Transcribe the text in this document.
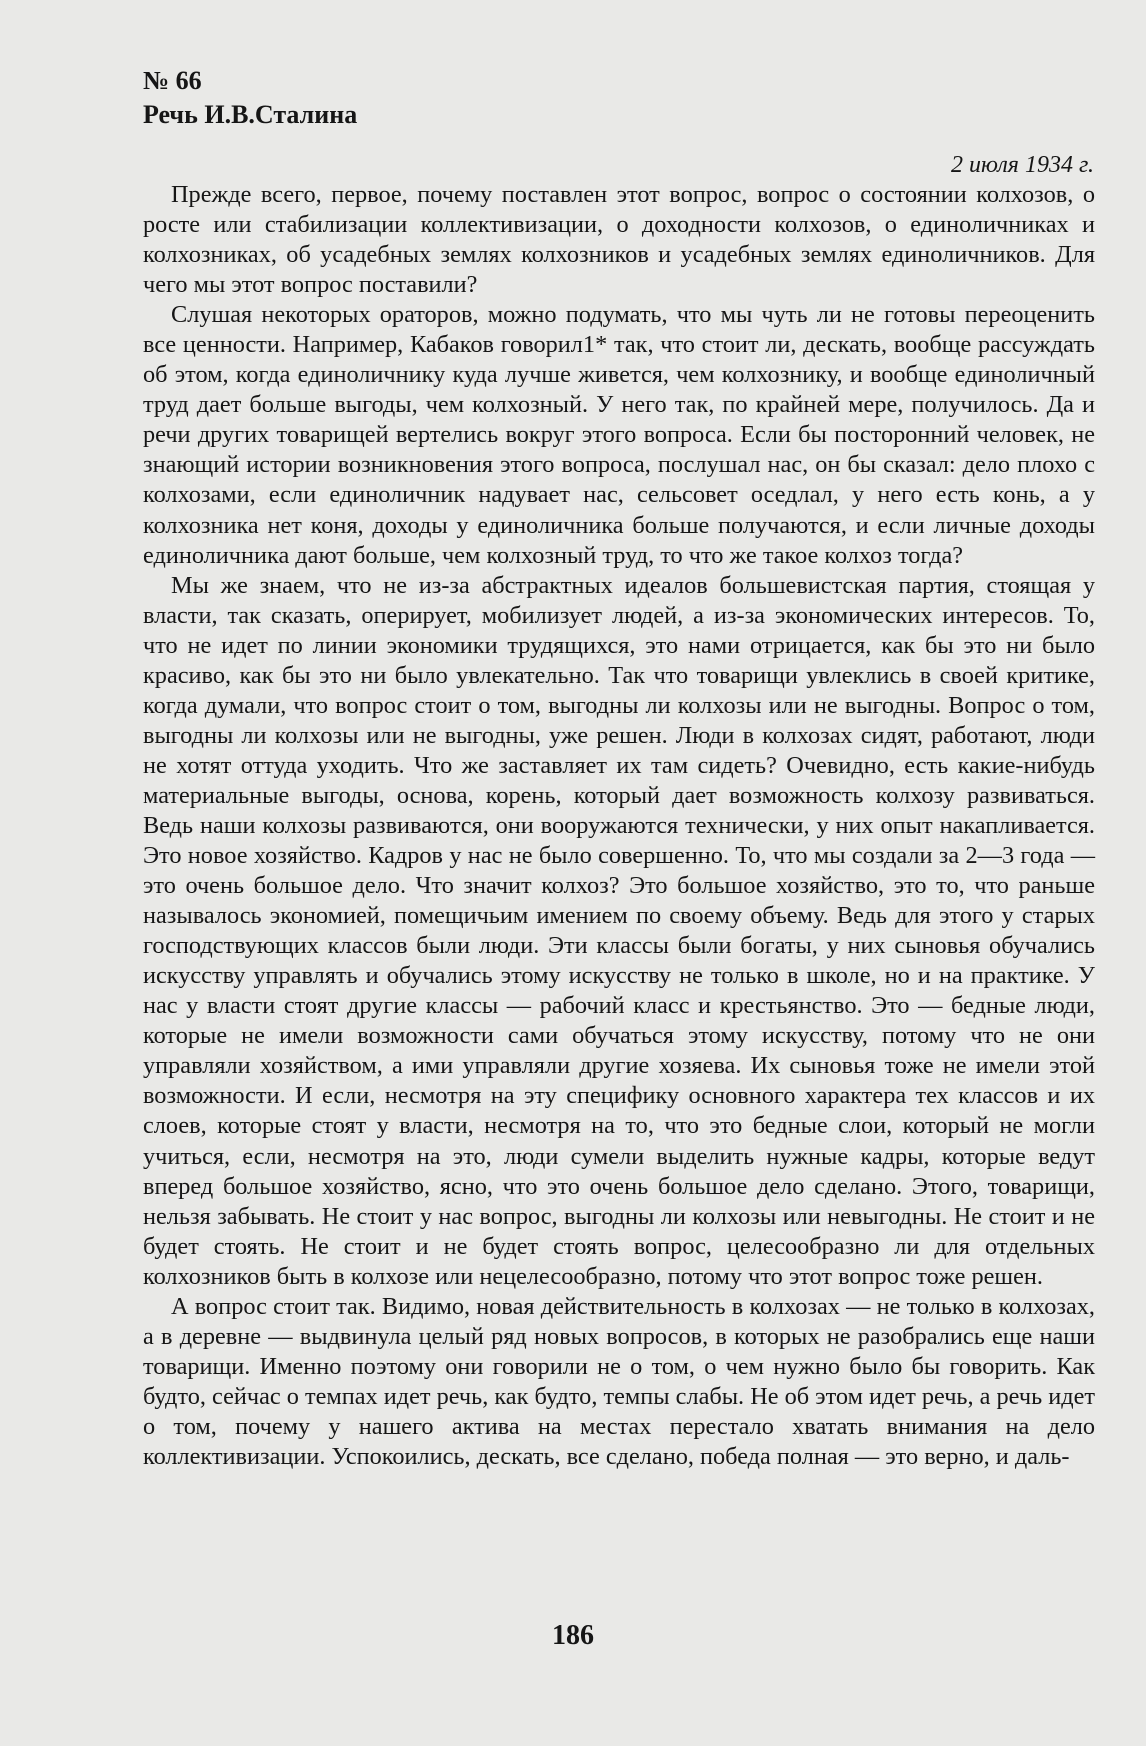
№ 66
Речь И.В.Сталина
2 июля 1934 г.

Прежде всего, первое, почему поставлен этот вопрос, вопрос о состоянии колхозов, о росте или стабилизации коллективизации, о доходности колхозов, о единоличниках и колхозниках, об усадебных землях колхозников и усадебных землях единоличников. Для чего мы этот вопрос поставили?

Слушая некоторых ораторов, можно подумать, что мы чуть ли не готовы переоценить все ценности. Например, Кабаков говорил1* так, что стоит ли, дескать, вообще рассуждать об этом, когда единоличнику куда лучше живется, чем колхознику, и вообще единоличный труд дает больше выгоды, чем колхозный. У него так, по крайней мере, получилось. Да и речи других товарищей вертелись вокруг этого вопроса. Если бы посторонний человек, не знающий истории возникновения этого вопроса, послушал нас, он бы сказал: дело плохо с колхозами, если единоличник надувает нас, сельсовет оседлал, у него есть конь, а у колхозника нет коня, доходы у единоличника больше получаются, и если личные доходы единоличника дают больше, чем колхозный труд, то что же такое колхоз тогда?

Мы же знаем, что не из-за абстрактных идеалов большевистская партия, стоящая у власти, так сказать, оперирует, мобилизует людей, а из-за экономических интересов. То, что не идет по линии экономики трудящихся, это нами отрицается, как бы это ни было красиво, как бы это ни было увлекательно. Так что товарищи увлеклись в своей критике, когда думали, что вопрос стоит о том, выгодны ли колхозы или не выгодны. Вопрос о том, выгодны ли колхозы или не выгодны, уже решен. Люди в колхозах сидят, работают, люди не хотят оттуда уходить. Что же заставляет их там сидеть? Очевидно, есть какие-нибудь материальные выгоды, основа, корень, который дает возможность колхозу развиваться. Ведь наши колхозы развиваются, они вооружаются технически, у них опыт накапливается. Это новое хозяйство. Кадров у нас не было совершенно. То, что мы создали за 2—3 года — это очень большое дело. Что значит колхоз? Это большое хозяйство, это то, что раньше называлось экономией, помещичьим имением по своему объему. Ведь для этого у старых господствующих классов были люди. Эти классы были богаты, у них сыновья обучались искусству управлять и обучались этому искусству не только в школе, но и на практике. У нас у власти стоят другие классы — рабочий класс и крестьянство. Это — бедные люди, которые не имели возможности сами обучаться этому искусству, потому что не они управляли хозяйством, а ими управляли другие хозяева. Их сыновья тоже не имели этой возможности. И если, несмотря на эту специфику основного характера тех классов и их слоев, которые стоят у власти, несмотря на то, что это бедные слои, который не могли учиться, если, несмотря на это, люди сумели выделить нужные кадры, которые ведут вперед большое хозяйство, ясно, что это очень большое дело сделано. Этого, товарищи, нельзя забывать. Не стоит у нас вопрос, выгодны ли колхозы или невыгодны. Не стоит и не будет стоять. Не стоит и не будет стоять вопрос, целесообразно ли для отдельных колхозников быть в колхозе или нецелесообразно, потому что этот вопрос тоже решен.

А вопрос стоит так. Видимо, новая действительность в колхозах — не только в колхозах, а в деревне — выдвинула целый ряд новых вопросов, в которых не разобрались еще наши товарищи. Именно поэтому они говорили не о том, о чем нужно было бы говорить. Как будто, сейчас о темпах идет речь, как будто, темпы слабы. Не об этом идет речь, а речь идет о том, почему у нашего актива на местах перестало хватать внимания на дело коллективизации. Успокоились, дескать, все сделано, победа полная — это верно, и даль-

186
